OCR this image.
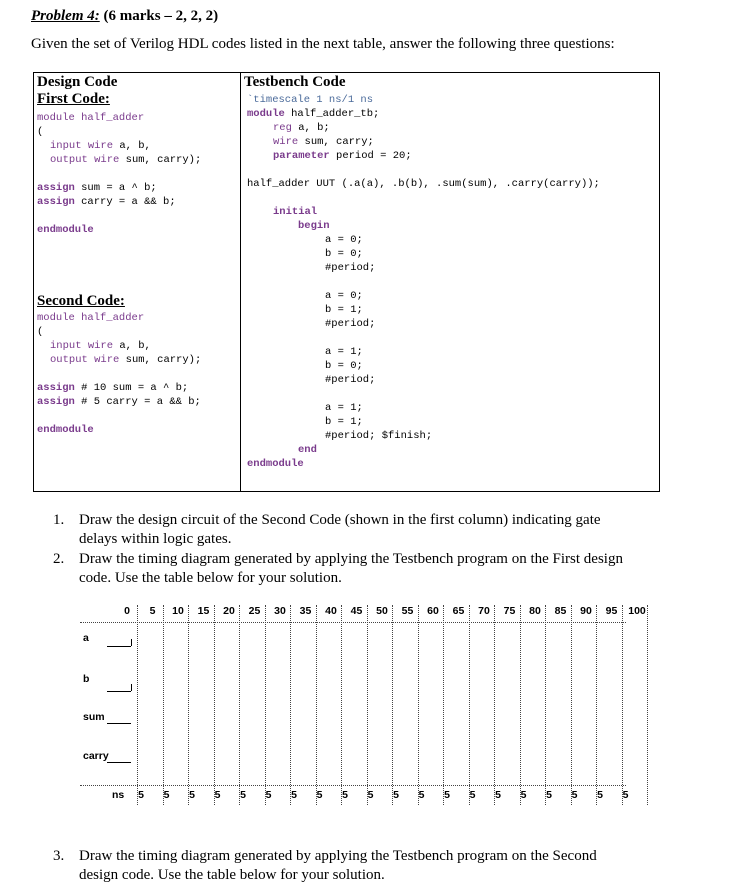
Problem 4: (6 marks – 2, 2, 2)
Given the set of Verilog HDL codes listed in the next table, answer the following three questions:
Design Code
First Code:
module half_adder
(
input wire a, b,
output wire sum, carry);
assign sum = a ^ b;
assign carry = a && b;
endmodule
Second Code:
module half_adder
(
input wire a, b,
output wire sum, carry);
assign # 10 sum = a ^ b;
assign # 5 carry = a && b;
endmodule

Testbench Code
`timescale 1 ns/1 ns
module half_adder_tb;
reg a, b;
wire sum, carry;
parameter period = 20;
half_adder UUT (.a(a), .b(b), .sum(sum), .carry(carry));
initial
begin
a = 0;
b = 0;
#period;
a = 0;
b = 1;
#period;
a = 1;
b = 0;
#period;
a = 1;
b = 1;
#period; $finish;
end
endmodule
1. Draw the design circuit of the Second Code (shown in the first column) indicating gate
delays within logic gates.
2. Draw the timing diagram generated by applying the Testbench program on the First design
code. Use the table below for your solution.
a
b
sum
carry
ns
0	5	10	15	20	25	30	35	40	45	50	55	60	65	70	75	80	85	90	95	100
5	5	5	5	5	5	5	5	5	5	5	5	5	5	5	5	5	5	5	5
3. Draw the timing diagram generated by applying the Testbench program on the Second
design code. Use the table below for your solution.
